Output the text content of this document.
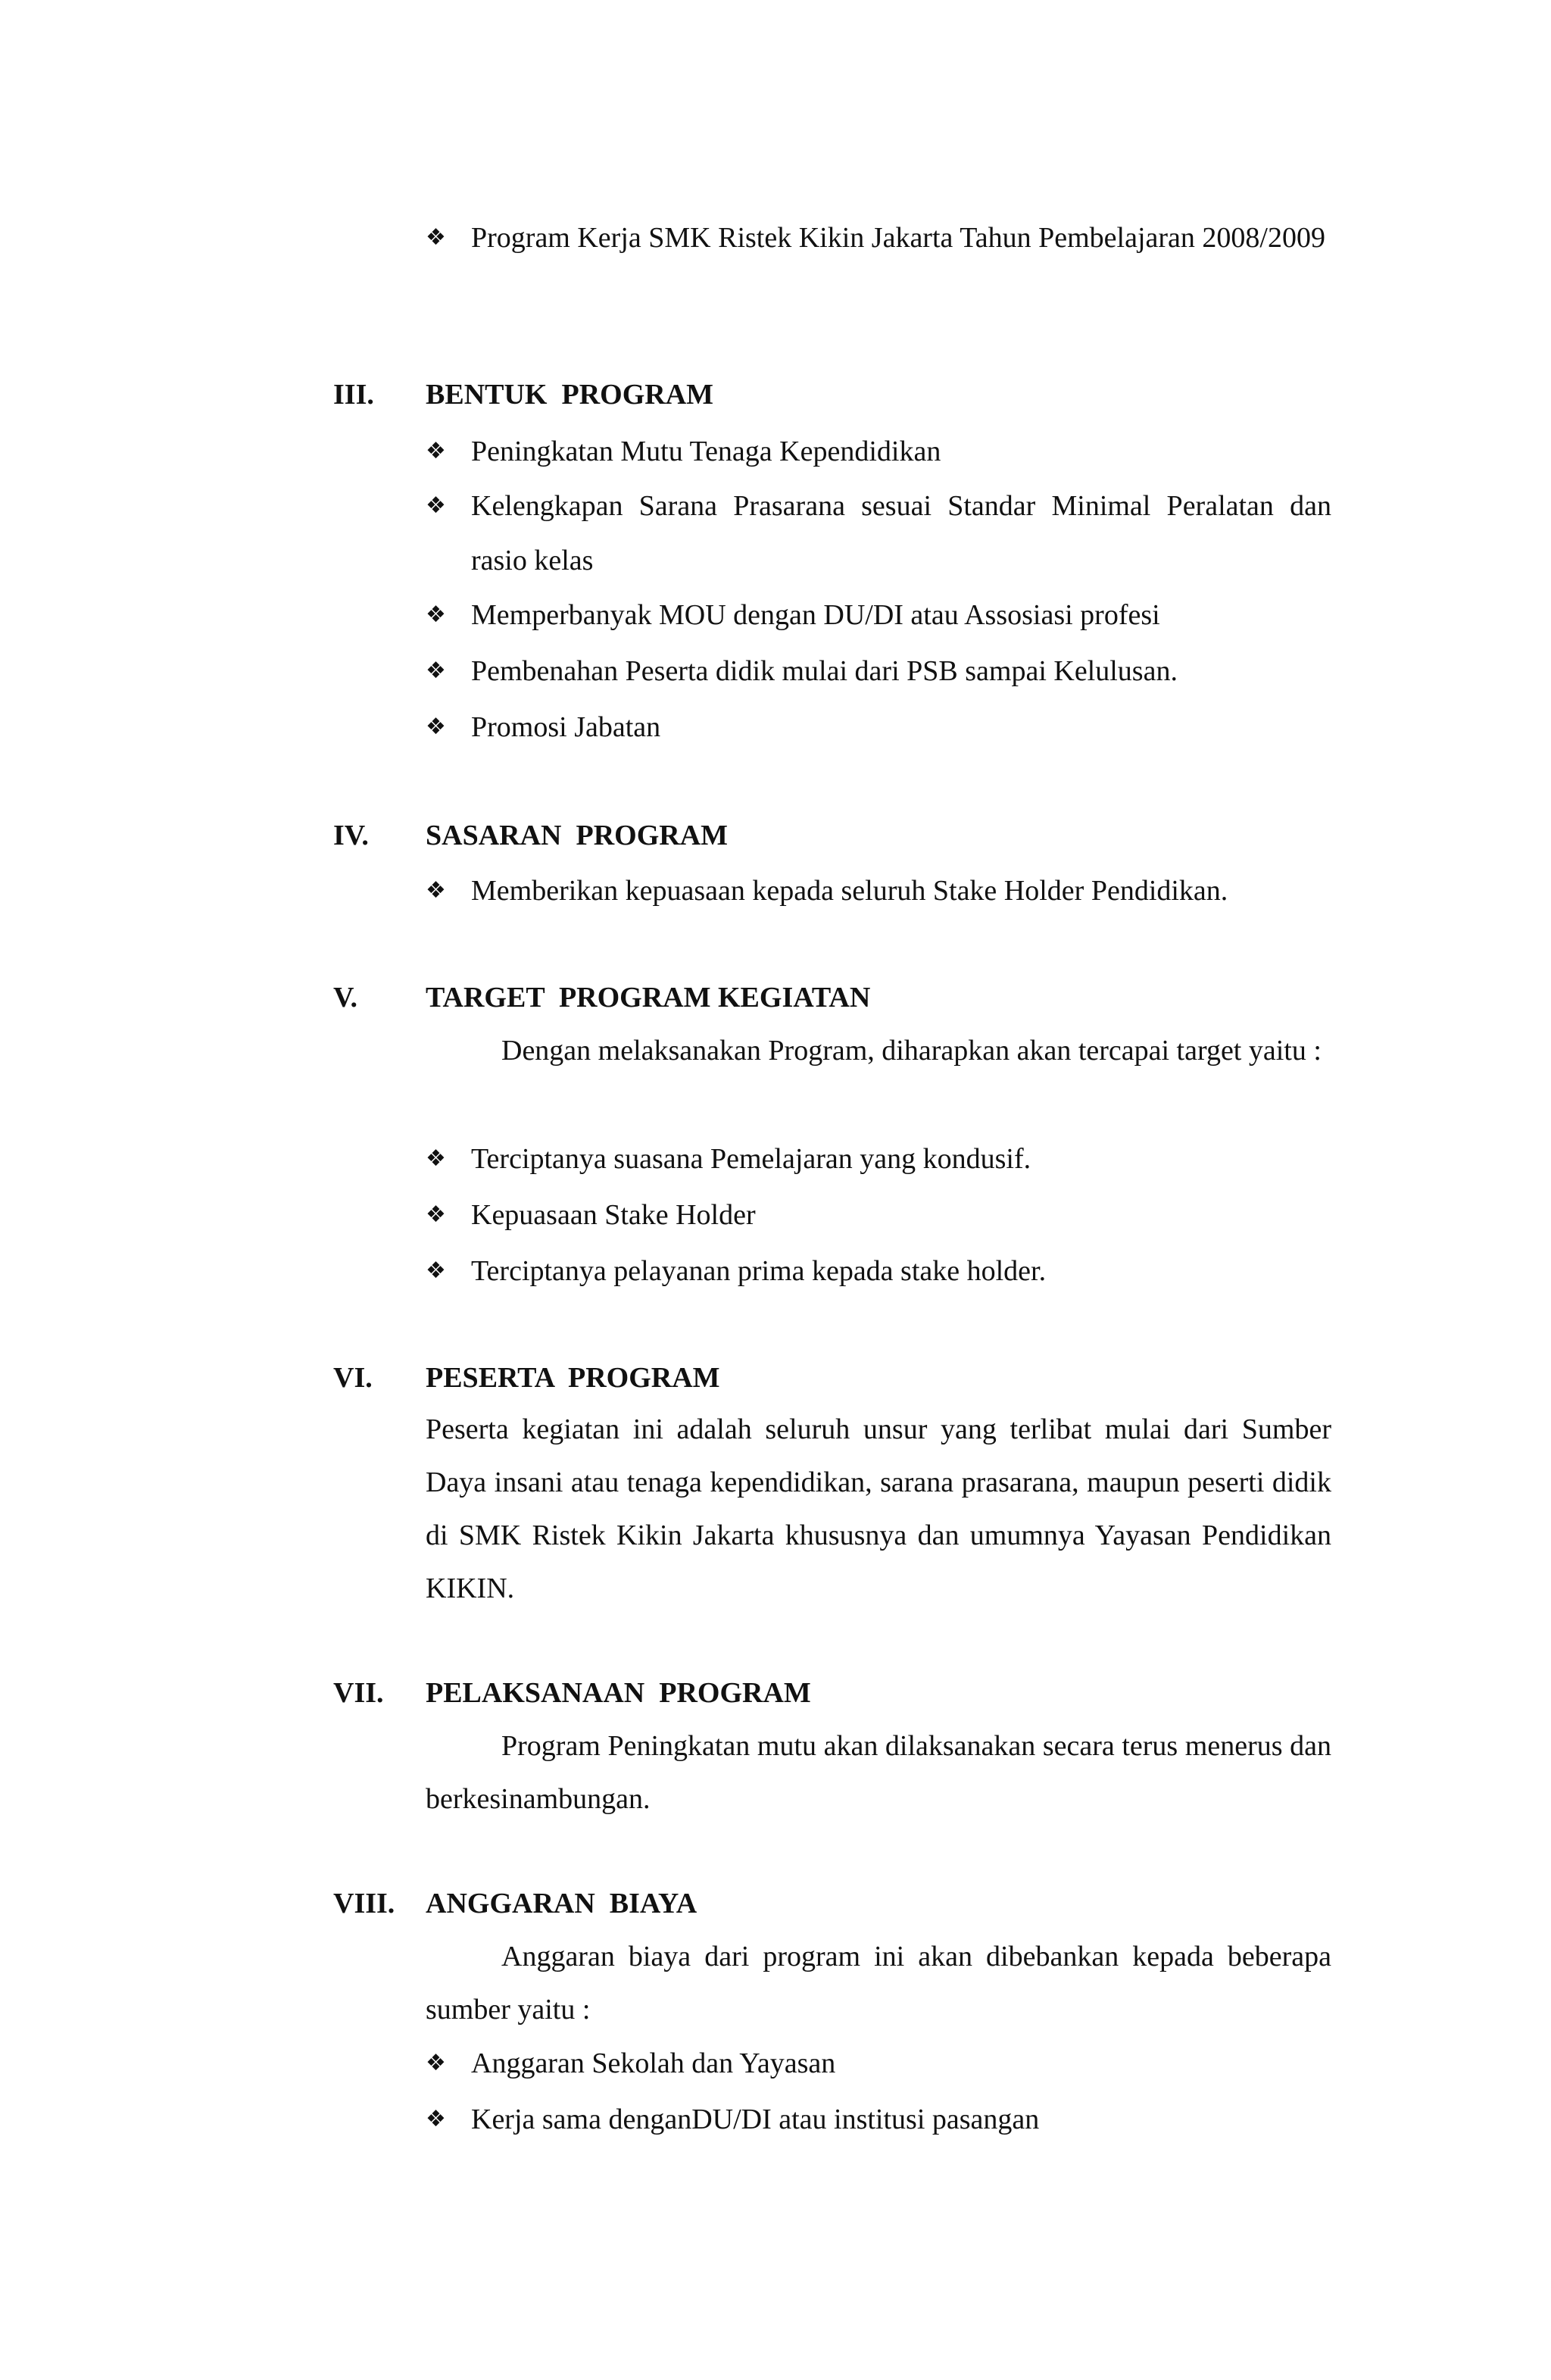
❖ Program Kerja SMK Ristek Kikin Jakarta Tahun Pembelajaran 2008/2009
III. BENTUK  PROGRAM
❖ Peningkatan Mutu Tenaga Kependidikan
❖ Kelengkapan Sarana Prasarana sesuai Standar Minimal Peralatan dan rasio kelas
❖ Memperbanyak MOU dengan DU/DI atau Assosiasi profesi
❖ Pembenahan Peserta didik mulai dari PSB sampai Kelulusan.
❖ Promosi Jabatan
IV. SASARAN  PROGRAM
❖ Memberikan kepuasaan kepada seluruh Stake Holder Pendidikan.
V. TARGET  PROGRAM KEGIATAN
Dengan melaksanakan Program, diharapkan akan tercapai target yaitu :
❖ Terciptanya suasana Pemelajaran yang kondusif.
❖ Kepuasaan Stake Holder
❖ Terciptanya pelayanan prima kepada stake holder.
VI. PESERTA  PROGRAM
Peserta kegiatan ini adalah seluruh unsur yang terlibat mulai dari Sumber Daya insani atau tenaga kependidikan, sarana prasarana, maupun peserti didik di SMK Ristek Kikin Jakarta khususnya dan umumnya Yayasan Pendidikan KIKIN.
VII. PELAKSANAAN  PROGRAM
Program Peningkatan mutu akan dilaksanakan secara terus menerus dan berkesinambungan.
VIII. ANGGARAN  BIAYA
Anggaran biaya dari program ini akan dibebankan kepada beberapa sumber yaitu :
❖ Anggaran Sekolah dan Yayasan
❖ Kerja sama denganDU/DI atau institusi pasangan
